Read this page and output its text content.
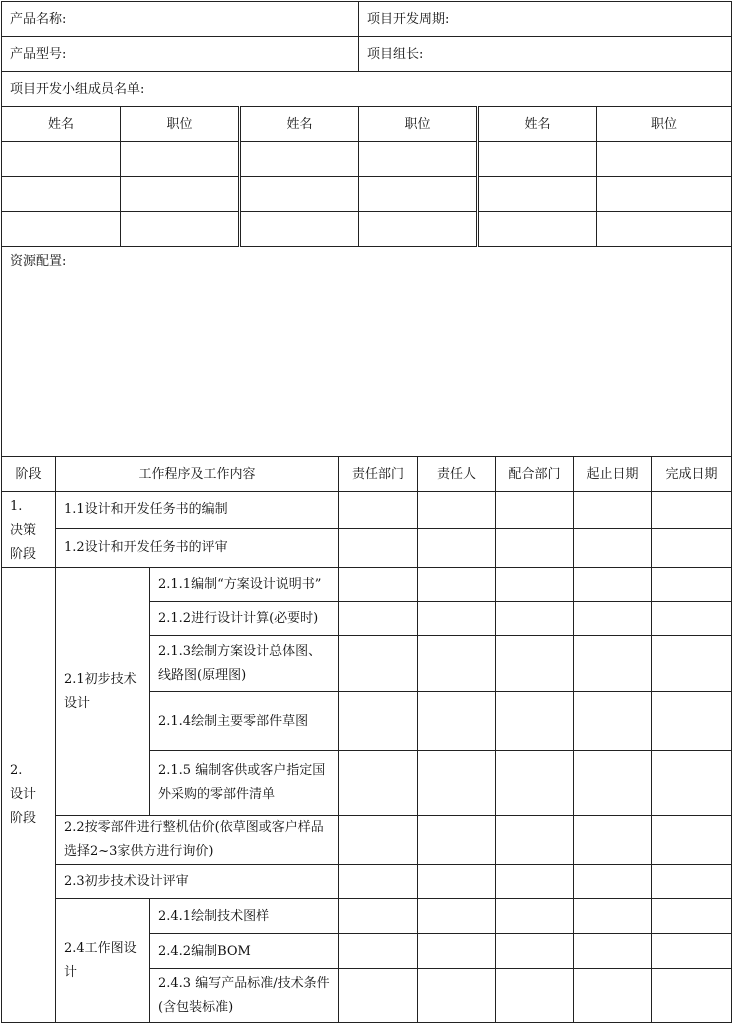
产品名称:			项目开发周期:		
产品型号:			项目组长:		
项目开发小组成员名单:					
姓名	职位	姓名	职位	姓名	职位

资源配置:					
阶段	工作程序及工作内容		责任部门	责任人	配合部门	起止日期	完成日期
1.
决策
阶段	1.1设计和开发任务书的编制						
	1.2设计和开发任务书的评审						
2.
设计
阶段	2.1初步技术设计	2.1.1编制“方案设计说明书”					
		2.1.2进行设计计算(必要时)					
		2.1.3绘制方案设计总体图、线路图(原理图)					
		2.1.4绘制主要零部件草图					
		2.1.5 编制客供或客户指定国外采购的零部件清单					
	2.2按零部件进行整机估价(依草图或客户样品选择2~3家供方进行询价)						
	2.3初步技术设计评审						
	2.4工作图设计	2.4.1绘制技术图样					
		2.4.2编制BOM					
		2.4.3 编写产品标准/技术条件(含包装标准)					
